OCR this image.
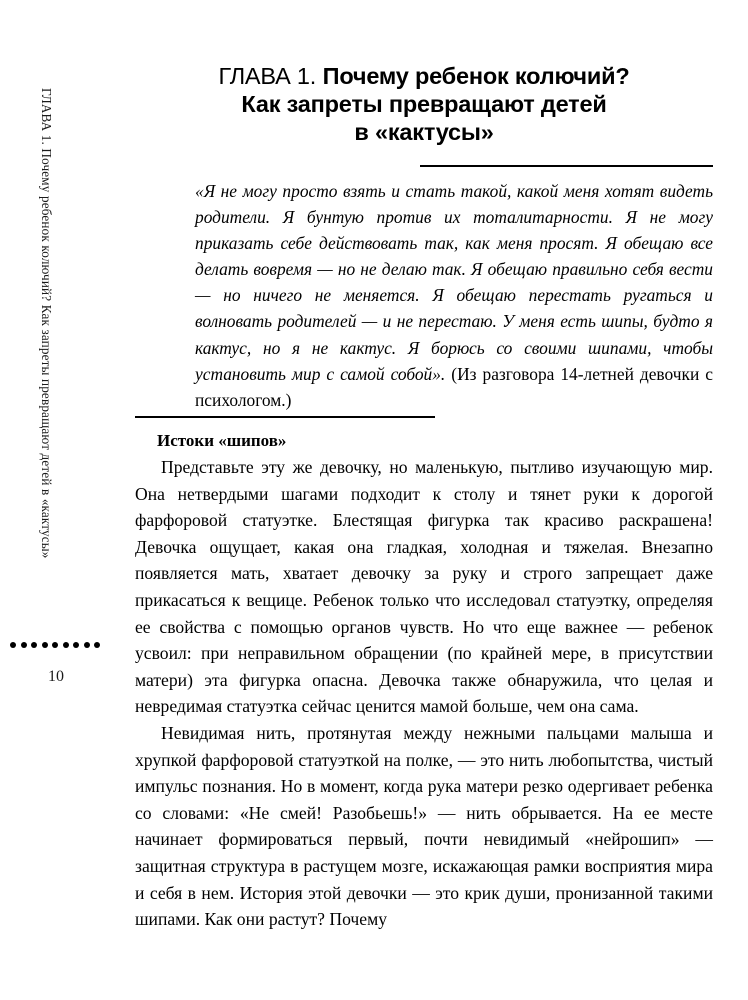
ГЛАВА 1. Почему ребенок колючий? Как запреты превращают детей в «кактусы»
10
ГЛАВА 1. Почему ребенок колючий?
Как запреты превращают детей
в «кактусы»
«Я не могу просто взять и стать такой, какой меня хотят видеть родители. Я бунтую против их тоталитарности. Я не могу приказать себе действовать так, как меня просят. Я обещаю все делать вовремя — но не делаю так. Я обещаю правильно себя вести — но ничего не меняется. Я обещаю перестать ругаться и волновать родителей — и не перестаю. У меня есть шипы, будто я кактус, но я не кактус. Я борюсь со своими шипами, чтобы установить мир с самой собой». (Из разговора 14-летней девочки с психологом.)
Истоки «шипов»

Представьте эту же девочку, но маленькую, пытливо изучающую мир. Она нетвердыми шагами подходит к столу и тянет руки к дорогой фарфоровой статуэтке. Блестящая фигурка так красиво раскрашена! Девочка ощущает, какая она гладкая, холодная и тяжелая. Внезапно появляется мать, хватает девочку за руку и строго запрещает даже прикасаться к вещице. Ребенок только что исследовал статуэтку, определяя ее свойства с помощью органов чувств. Но что еще важнее — ребенок усвоил: при неправильном обращении (по крайней мере, в присутствии матери) эта фигурка опасна. Девочка также обнаружила, что целая и невредимая статуэтка сейчас ценится мамой больше, чем она сама.

Невидимая нить, протянутая между нежными пальцами малыша и хрупкой фарфоровой статуэткой на полке, — это нить любопытства, чистый импульс познания. Но в момент, когда рука матери резко одергивает ребенка со словами: «Не смей! Разобьешь!» — нить обрывается. На ее месте начинает формироваться первый, почти невидимый «нейрошип» — защитная структура в растущем мозге, искажающая рамки восприятия мира и себя в нем. История этой девочки — это крик души, пронизанной такими шипами. Как они растут? Почему
